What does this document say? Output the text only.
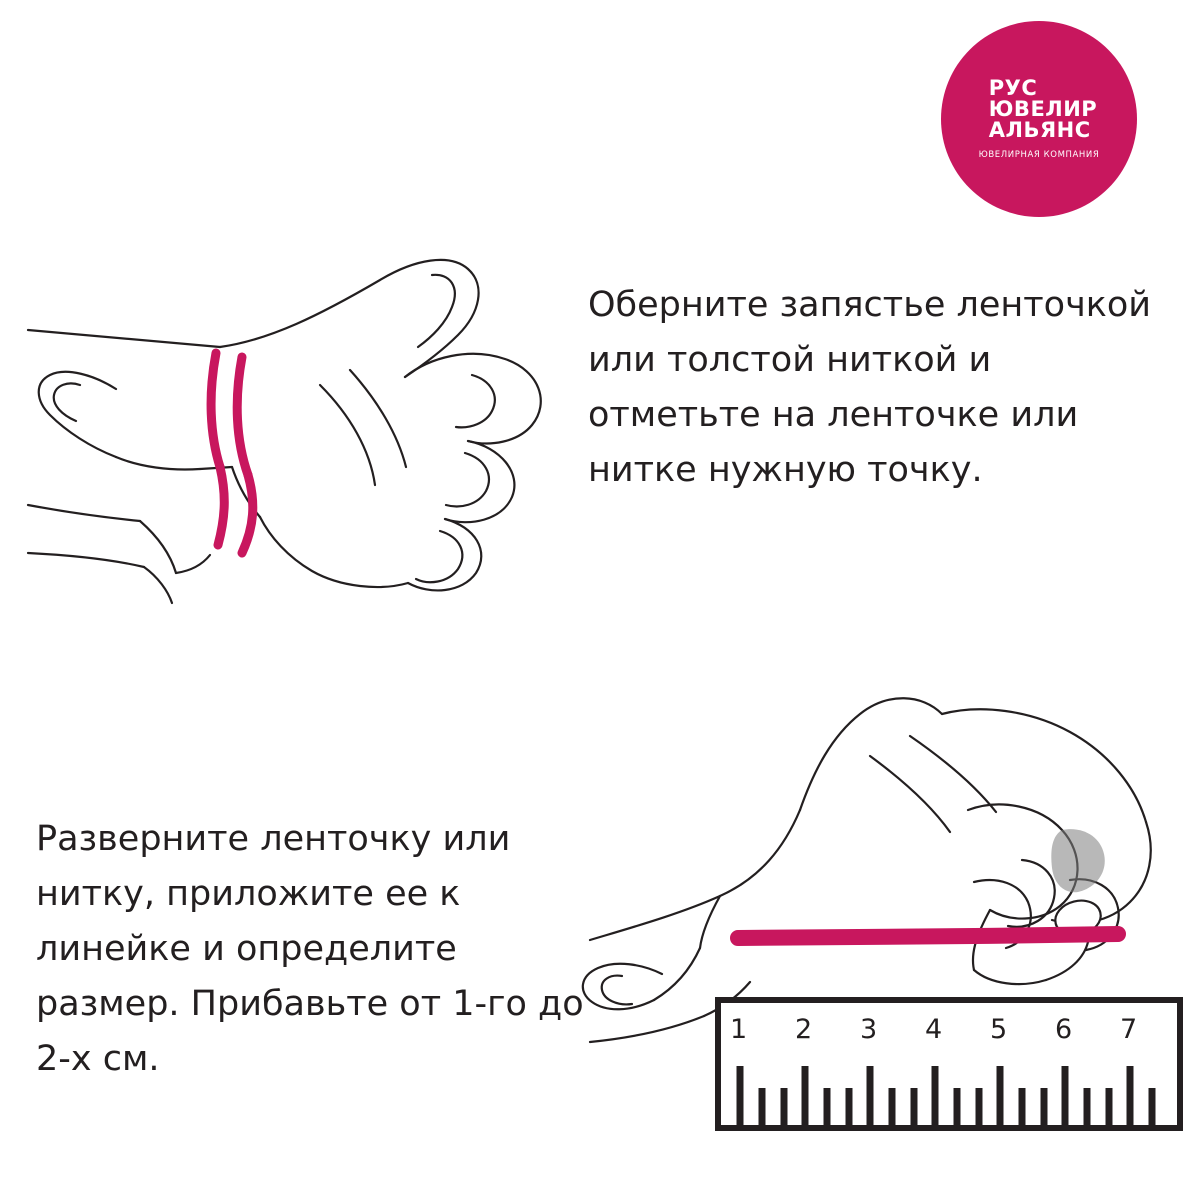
РУС
ЮВЕЛИР
АЛЬЯНС
ЮВЕЛИРНАЯ КОМПАНИЯ
Оберните запястье ленточкой или толстой ниткой и отметьте на ленточке или нитке нужную точку.
Разверните ленточку или нитку, приложите ее к линейке и определите размер. Прибавьте от 1-го до 2-х см.
1 2 3 4 5 6 7
